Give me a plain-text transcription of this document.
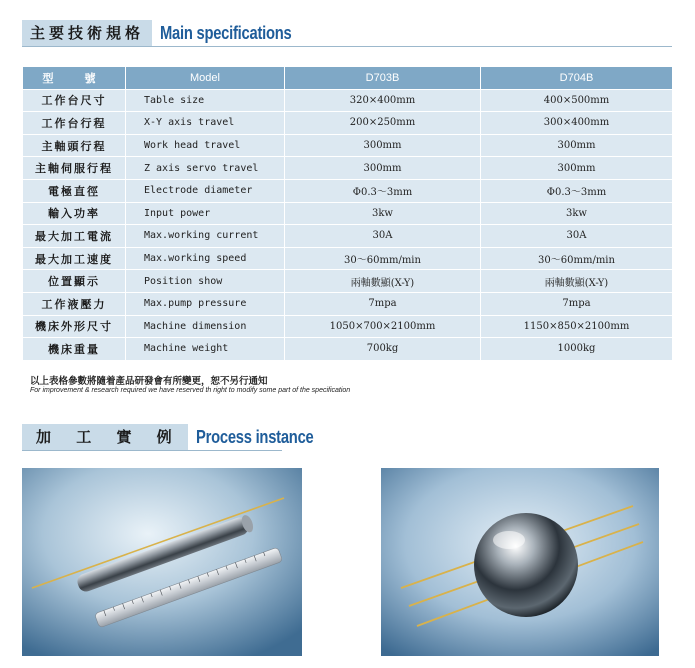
主要技術規格 Main specifications
型　號	Model	D703B	D704B
工作台尺寸	Table size	320×400mm	400×500mm
工作台行程	X-Y axis travel	200×250mm	300×400mm
主軸頭行程	Work head travel	300mm	300mm
主軸伺服行程	Z axis servo travel	300mm	300mm
電極直徑	Electrode diameter	Φ0.3～3mm	Φ0.3～3mm
輸入功率	Input power	3kw	3kw
最大加工電流	Max.working current	30A	30A
最大加工速度	Max.working speed	30～60mm/min	30～60mm/min
位置顯示	Position show	兩軸數顯(X-Y)	兩軸數顯(X-Y)
工作液壓力	Max.pump pressure	7mpa	7mpa
機床外形尺寸	Machine dimension	1050×700×2100mm	1150×850×2100mm
機床重量	Machine weight	700kg	1000kg
以上表格參數將隨着產品研發會有所變更，恕不另行通知
For improvement & research required we have reserved th right to modify some part of the specification
加 工 實 例 Process instance
